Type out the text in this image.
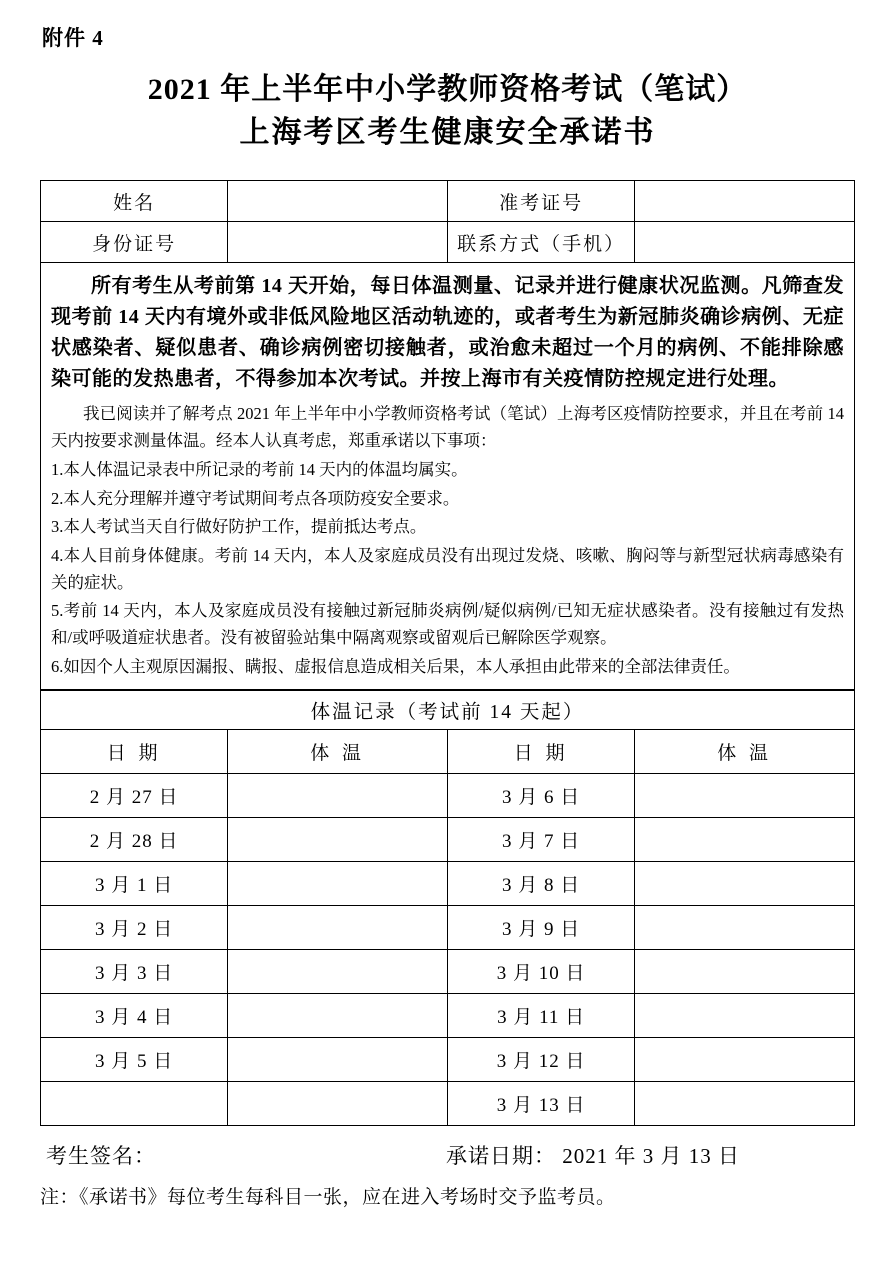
附件 4
2021 年上半年中小学教师资格考试（笔试）
上海考区考生健康安全承诺书
姓名		准考证号	
身份证号		联系方式（手机）	

所有考生从考前第 14 天开始，每日体温测量、记录并进行健康状况监测。凡筛查发现考前 14 天内有境外或非低风险地区活动轨迹的，或者考生为新冠肺炎确诊病例、无症状感染者、疑似患者、确诊病例密切接触者，或治愈未超过一个月的病例、不能排除感染可能的发热患者，不得参加本次考试。并按上海市有关疫情防控规定进行处理。

我已阅读并了解考点 2021 年上半年中小学教师资格考试（笔试）上海考区疫情防控要求，并且在考前 14 天内按要求测量体温。经本人认真考虑，郑重承诺以下事项：

1.本人体温记录表中所记录的考前 14 天内的体温均属实。

2.本人充分理解并遵守考试期间考点各项防疫安全要求。

3.本人考试当天自行做好防护工作，提前抵达考点。

4.本人目前身体健康。考前 14 天内，本人及家庭成员没有出现过发烧、咳嗽、胸闷等与新型冠状病毒感染有关的症状。

5.考前 14 天内，本人及家庭成员没有接触过新冠肺炎病例/疑似病例/已知无症状感染者。没有接触过有发热和/或呼吸道症状患者。没有被留验站集中隔离观察或留观后已解除医学观察。

6.如因个人主观原因漏报、瞒报、虚报信息造成相关后果，本人承担由此带来的全部法律责任。

体温记录（考试前 14 天起）			
日 期	体 温	日 期	体 温
2 月 27 日		3 月 6 日	
2 月 28 日		3 月 7 日	
3 月 1 日		3 月 8 日	
3 月 2 日		3 月 9 日	
3 月 3 日		3 月 10 日	
3 月 4 日		3 月 11 日	
3 月 5 日		3 月 12 日	
		3 月 13 日	
考生签名：	承诺日期： 2021 年 3 月 13 日
注：《承诺书》每位考生每科目一张，应在进入考场时交予监考员。
